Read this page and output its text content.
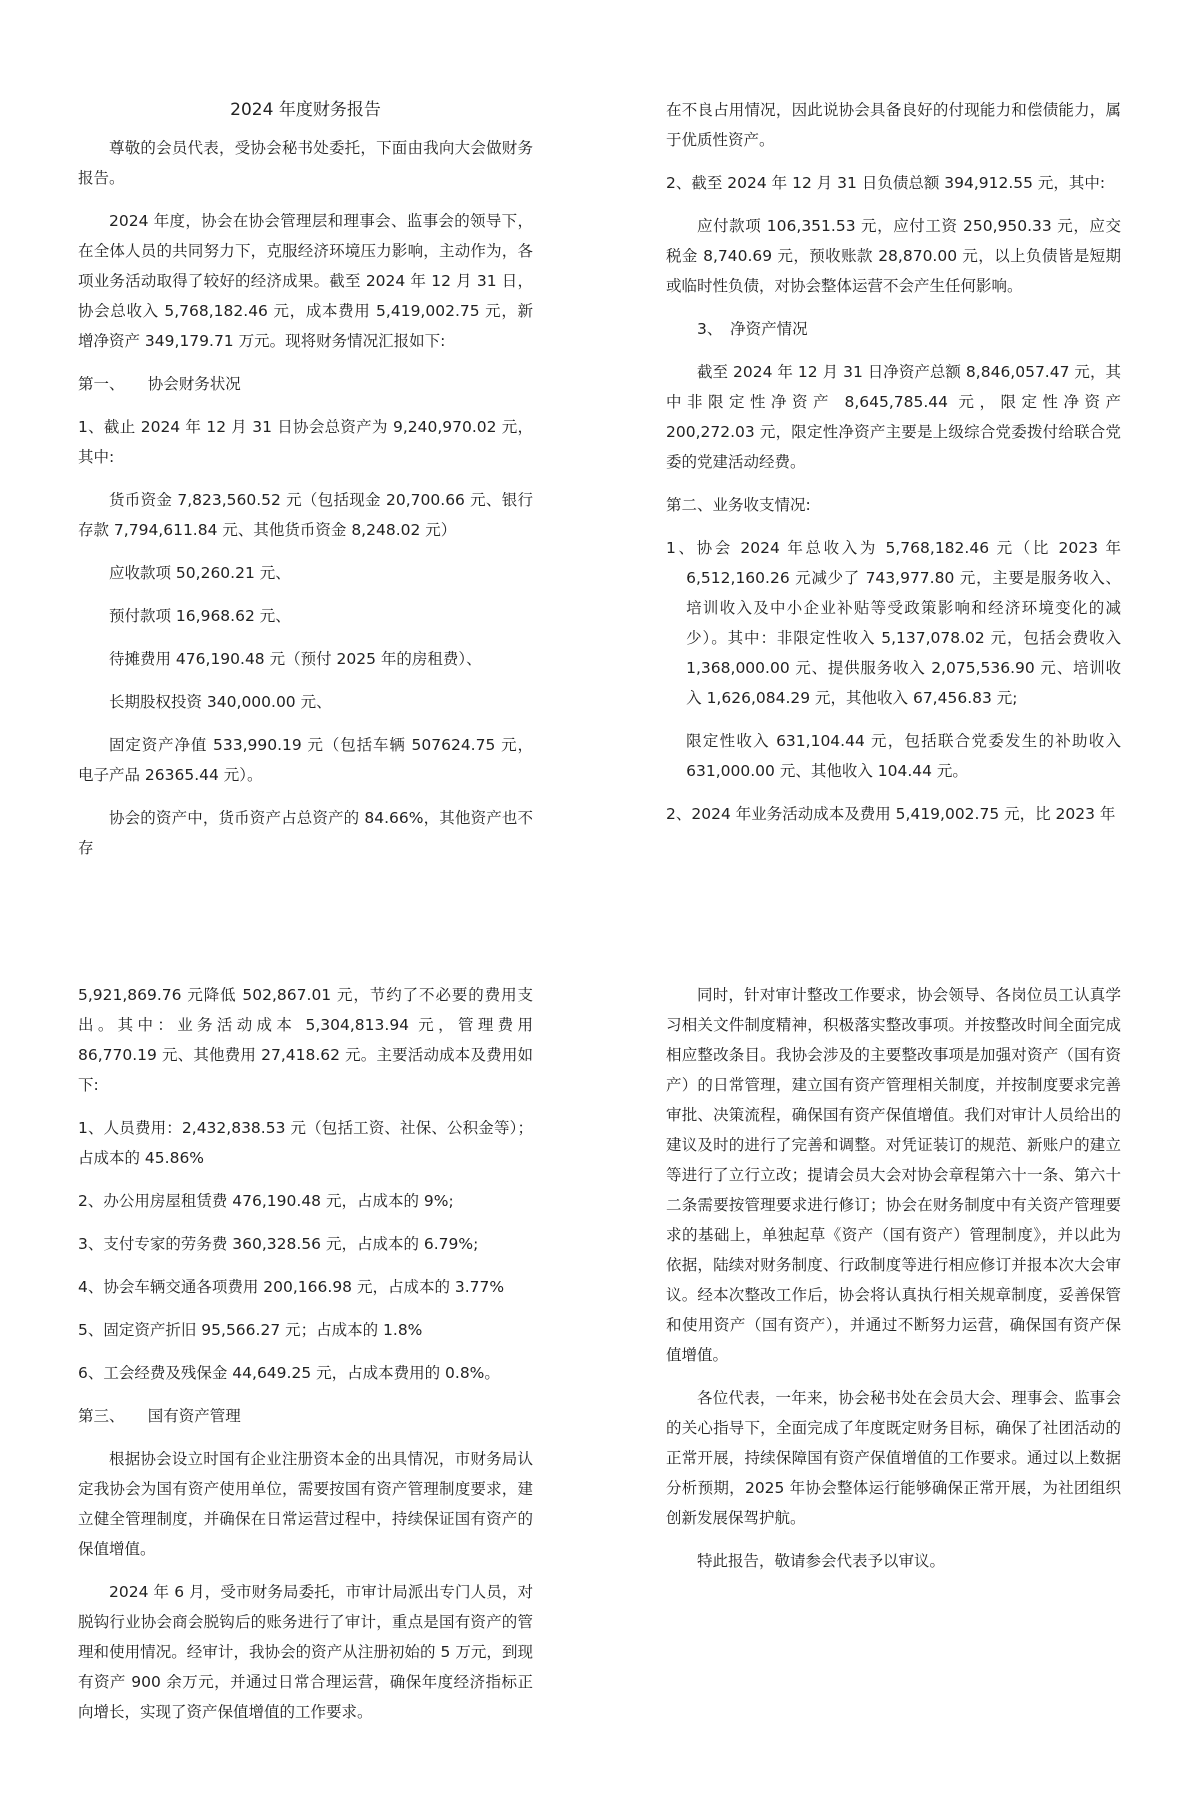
2024 年度财务报告

尊敬的会员代表，受协会秘书处委托，下面由我向大会做财务报告。

2024 年度，协会在协会管理层和理事会、监事会的领导下，在全体人员的共同努力下，克服经济环境压力影响，主动作为，各项业务活动取得了较好的经济成果。截至 2024 年 12 月 31 日，协会总收入 5,768,182.46 元，成本费用 5,419,002.75 元，新增净资产 349,179.71 万元。现将财务情况汇报如下:

第一、　　协会财务状况

1、截止 2024 年 12 月 31 日协会总资产为 9,240,970.02 元，其中:

货币资金 7,823,560.52 元（包括现金 20,700.66 元、银行存款 7,794,611.84 元、其他货币资金 8,248.02 元）

应收款项 50,260.21 元、

预付款项 16,968.62 元、

待摊费用 476,190.48 元（预付 2025 年的房租费）、

长期股权投资 340,000.00 元、

固定资产净值 533,990.19 元（包括车辆 507624.75 元，电子产品 26365.44 元）。

协会的资产中，货币资产占总资产的 84.66%，其他资产也不存

在不良占用情况，因此说协会具备良好的付现能力和偿债能力，属于优质性资产。

2、截至 2024 年 12 月 31 日负债总额 394,912.55 元，其中:

应付款项 106,351.53 元，应付工资 250,950.33 元，应交税金 8,740.69 元，预收账款 28,870.00 元，以上负债皆是短期或临时性负债，对协会整体运营不会产生任何影响。

3、　净资产情况

截至 2024 年 12 月 31 日净资产总额 8,846,057.47 元，其中非限定性净资产 8,645,785.44 元，限定性净资产 200,272.03 元，限定性净资产主要是上级综合党委拨付给联合党委的党建活动经费。

第二、业务收支情况:

1、协会 2024 年总收入为 5,768,182.46 元（比 2023 年 6,512,160.26 元减少了 743,977.80 元，主要是服务收入、培训收入及中小企业补贴等受政策影响和经济环境变化的减少）。其中：非限定性收入 5,137,078.02 元，包括会费收入 1,368,000.00 元、提供服务收入 2,075,536.90 元、培训收入 1,626,084.29 元，其他收入 67,456.83 元;

限定性收入 631,104.44 元，包括联合党委发生的补助收入 631,000.00 元、其他收入 104.44 元。

2、2024 年业务活动成本及费用 5,419,002.75 元，比 2023 年

5,921,869.76 元降低 502,867.01 元，节约了不必要的费用支出。其中：业务活动成本 5,304,813.94 元，管理费用 86,770.19 元、其他费用 27,418.62 元。主要活动成本及费用如下:

1、人员费用：2,432,838.53 元（包括工资、社保、公积金等）；占成本的 45.86%

2、办公用房屋租赁费 476,190.48 元，占成本的 9%;

3、支付专家的劳务费 360,328.56 元，占成本的 6.79%;

4、协会车辆交通各项费用 200,166.98 元，占成本的 3.77%

5、固定资产折旧 95,566.27 元；占成本的 1.8%

6、工会经费及残保金 44,649.25 元，占成本费用的 0.8%。

第三、　　国有资产管理

根据协会设立时国有企业注册资本金的出具情况，市财务局认定我协会为国有资产使用单位，需要按国有资产管理制度要求，建立健全管理制度，并确保在日常运营过程中，持续保证国有资产的保值增值。

2024 年 6 月，受市财务局委托，市审计局派出专门人员，对脱钩行业协会商会脱钩后的账务进行了审计，重点是国有资产的管理和使用情况。经审计，我协会的资产从注册初始的 5 万元，到现有资产 900 余万元，并通过日常合理运营，确保年度经济指标正向增长，实现了资产保值增值的工作要求。

同时，针对审计整改工作要求，协会领导、各岗位员工认真学习相关文件制度精神，积极落实整改事项。并按整改时间全面完成相应整改条目。我协会涉及的主要整改事项是加强对资产（国有资产）的日常管理，建立国有资产管理相关制度，并按制度要求完善审批、决策流程，确保国有资产保值增值。我们对审计人员给出的建议及时的进行了完善和调整。对凭证装订的规范、新账户的建立等进行了立行立改；提请会员大会对协会章程第六十一条、第六十二条需要按管理要求进行修订；协会在财务制度中有关资产管理要求的基础上，单独起草《资产（国有资产）管理制度》，并以此为依据，陆续对财务制度、行政制度等进行相应修订并报本次大会审议。经本次整改工作后，协会将认真执行相关规章制度，妥善保管和使用资产（国有资产），并通过不断努力运营，确保国有资产保值增值。

各位代表，一年来，协会秘书处在会员大会、理事会、监事会的关心指导下，全面完成了年度既定财务目标，确保了社团活动的正常开展，持续保障国有资产保值增值的工作要求。通过以上数据分析预期，2025 年协会整体运行能够确保正常开展，为社团组织创新发展保驾护航。

特此报告，敬请参会代表予以审议。
